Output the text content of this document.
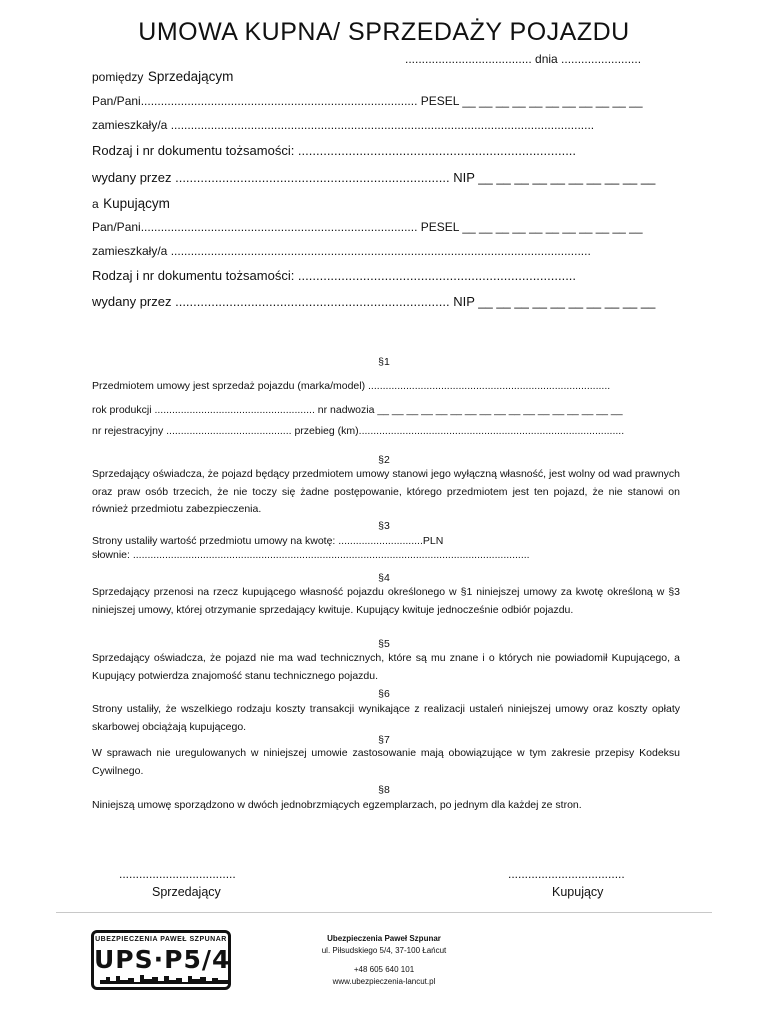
UMOWA KUPNA/ SPRZEDAŻY POJAZDU
...................................... dnia ........................
pomiędzy Sprzedającym
Pan/Pani................................................................................... PESEL __ __ __ __ __ __ __ __ __ __ __
zamieszkały/a ...............................................................................................................................
Rodzaj i nr dokumentu tożsamości: .............................................................................
wydany przez ............................................................................ NIP __ __ __ __ __ __ __ __ __ __
a Kupującym
Pan/Pani................................................................................... PESEL __ __ __ __ __ __ __ __ __ __ __
zamieszkały/a ..............................................................................................................................
Rodzaj i nr dokumentu tożsamości: .............................................................................
wydany przez ............................................................................ NIP __ __ __ __ __ __ __ __ __ __
§1
Przedmiotem umowy jest sprzedaż pojazdu (marka/model) ...................................................................................
rok produkcji ....................................................... nr nadwozia __ __ __ __ __ __ __ __ __ __ __ __ __ __ __ __ __
nr rejestracyjny ........................................... przebieg (km)...........................................................................................
§2
Sprzedający oświadcza, że pojazd będący przedmiotem umowy stanowi jego wyłączną własność, jest wolny od wad prawnych oraz praw osób trzecich, że nie toczy się żadne postępowanie, którego przedmiotem jest ten pojazd, że nie stanowi on również przedmiotu zabezpieczenia.
§3
Strony ustaliły wartość przedmiotu umowy na kwotę: .............................PLN
słownie: ........................................................................................................................................
§4
Sprzedający przenosi na rzecz kupującego własność pojazdu określonego w §1 niniejszej umowy za kwotę określoną w §3 niniejszej umowy, której otrzymanie sprzedający kwituje. Kupujący kwituje jednocześnie odbiór pojazdu.
§5
Sprzedający oświadcza, że pojazd nie ma wad technicznych, które są mu znane i o których nie powiadomił Kupującego, a Kupujący potwierdza znajomość stanu technicznego pojazdu.
§6
Strony ustaliły, że wszelkiego rodzaju koszty transakcji wynikające z realizacji ustaleń niniejszej umowy oraz koszty opłaty skarbowej obciążają kupującego.
§7
W sprawach nie uregulowanych w niniejszej umowie zastosowanie mają obowiązujące w tym zakresie przepisy Kodeksu Cywilnego.
§8
Niniejszą umowę sporządzono w dwóch jednobrzmiących egzemplarzach, po jednym dla każdej ze stron.
...................................
Sprzedający
...................................
Kupujący
UBEZPIECZENIA PAWEŁ SZPUNAR
UPS·P5/4
Ubezpieczenia Paweł Szpunar
ul. Piłsudskiego 5/4, 37-100 Łańcut
+48 605 640 101
www.ubezpieczenia-lancut.pl
